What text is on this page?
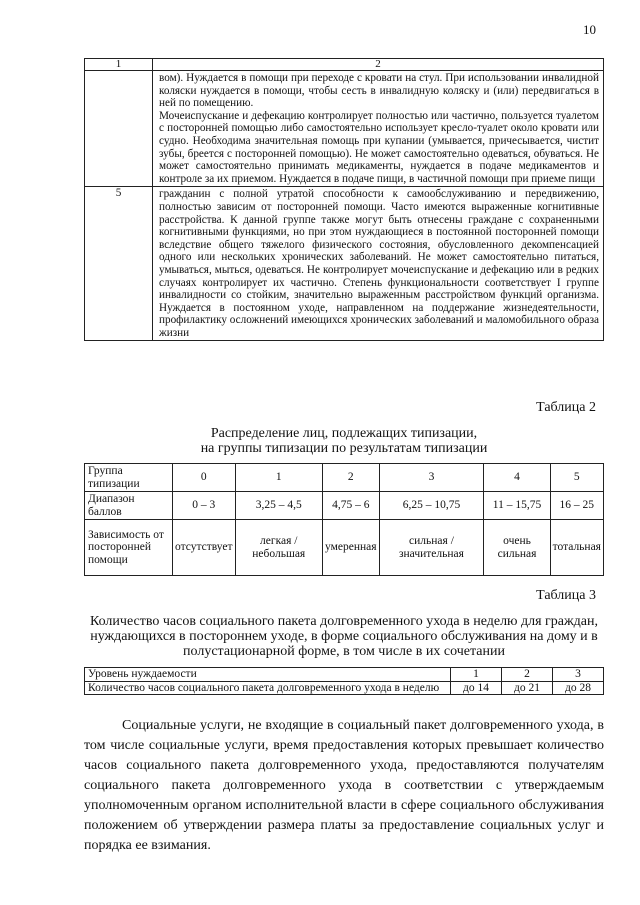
10
1	2

	вом). Нуждается в помощи при переходе с кровати на стул. При использовании инвалидной коляски нуждается в помощи, чтобы сесть в инвалидную коляску и (или) передвигаться в ней по помещению.

Мочеиспускание и дефекацию контролирует полностью или частично, пользуется туалетом с посторонней помощью либо самостоятельно использует кресло-туалет около кровати или судно. Необходима значительная помощь при купании (умывается, причесывается, чистит зубы, бреется с посторонней помощью). Не может самостоятельно одеваться, обуваться. Не может самостоятельно принимать медикаменты, нуждается в подаче медикаментов и контроле за их приемом. Нуждается в подаче пищи, в частичной помощи при приеме пищи

5	гражданин с полной утратой способности к самообслуживанию и передвижению, полностью зависим от посторонней помощи. Часто имеются выраженные когнитивные расстройства. К данной группе также могут быть отнесены граждане с сохраненными когнитивными функциями, но при этом нуждающиеся в постоянной посторонней помощи вследствие общего тяжелого физического состояния, обусловленного декомпенсацией одного или нескольких хронических заболеваний. Не может самостоятельно питаться, умываться, мыться, одеваться. Не контролирует мочеиспускание и дефекацию или в редких случаях контролирует их частично. Степень функциональности соответствует I группе инвалидности со стойким, значительно выраженным расстройством функций организма. Нуждается в постоянном уходе, направленном на поддержание жизнедеятельности, профилактику осложнений имеющихся хронических заболеваний и маломобильного образа жизни
Таблица 2
Распределение лиц, подлежащих типизации,
на группы типизации по результатам типизации
Группа типизации	0	1	2	3	4	5
Диапазон баллов	0 – 3	3,25 – 4,5	4,75 – 6	6,25 – 10,75	11 – 15,75	16 – 25
Зависимость от посторонней помощи	отсутствует	легкая / небольшая	умеренная	сильная / значительная	очень сильная	тотальная
Таблица 3
Количество часов социального пакета долговременного ухода в неделю для граждан, нуждающихся в постороннем уходе, в форме социального обслуживания на дому и в полустационарной форме, в том числе в их сочетании
Уровень нуждаемости	1	2	3
Количество часов социального пакета долговременного ухода в неделю	до 14	до 21	до 28

Социальные услуги, не входящие в социальный пакет долговременного ухода, в том числе социальные услуги, время предоставления которых превышает количество часов социального пакета долговременного ухода, предоставляются получателям социального пакета долговременного ухода в соответствии с утверждаемым уполномоченным органом исполнительной власти в сфере социального обслуживания положением об утверждении размера платы за предоставление социальных услуг и порядка ее взимания.
